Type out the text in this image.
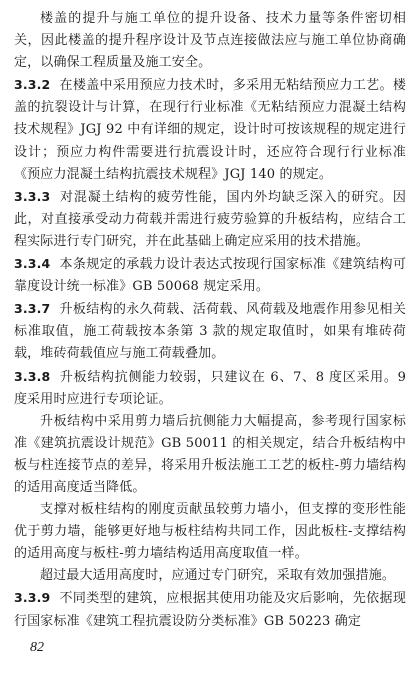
楼盖的提升与施工单位的提升设备、技术力量等条件密切相关，因此楼盖的提升程序设计及节点连接做法应与施工单位协商确定，以确保工程质量及施工安全。

3.3.2 在楼盖中采用预应力技术时，多采用无粘结预应力工艺。楼盖的抗裂设计与计算，在现行行业标准《无粘结预应力混凝土结构技术规程》JGJ 92 中有详细的规定，设计时可按该规程的规定进行设计；预应力构件需要进行抗震设计时，还应符合现行行业标准《预应力混凝土结构抗震技术规程》JGJ 140 的规定。

3.3.3 对混凝土结构的疲劳性能，国内外均缺乏深入的研究。因此，对直接承受动力荷载并需进行疲劳验算的升板结构，应结合工程实际进行专门研究，并在此基础上确定应采用的技术措施。

3.3.4 本条规定的承载力设计表达式按现行国家标准《建筑结构可靠度设计统一标准》GB 50068 规定采用。

3.3.7 升板结构的永久荷载、活荷载、风荷载及地震作用参见相关标准取值，施工荷载按本条第 3 款的规定取值时，如果有堆砖荷载，堆砖荷载值应与施工荷载叠加。

3.3.8 升板结构抗侧能力较弱，只建议在 6、7、8 度区采用。9 度采用时应进行专项论证。

升板结构中采用剪力墙后抗侧能力大幅提高，参考现行国家标准《建筑抗震设计规范》GB 50011 的相关规定，结合升板结构中板与柱连接节点的差异，将采用升板法施工工艺的板柱-剪力墙结构的适用高度适当降低。

支撑对板柱结构的刚度贡献虽较剪力墙小，但支撑的变形性能优于剪力墙，能够更好地与板柱结构共同工作，因此板柱-支撑结构的适用高度与板柱-剪力墙结构适用高度取值一样。

超过最大适用高度时，应通过专门研究，采取有效加强措施。

3.3.9 不同类型的建筑，应根据其使用功能及灾后影响，先依据现行国家标准《建筑工程抗震设防分类标准》GB 50223 确定

82
